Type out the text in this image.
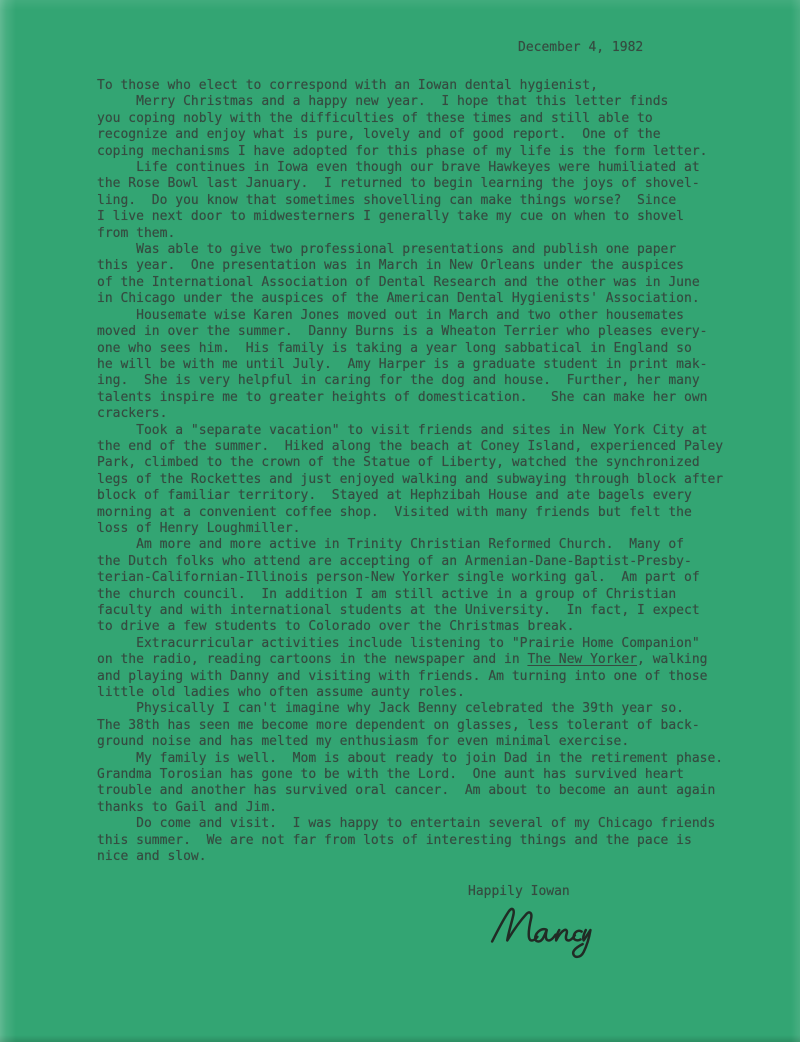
December 4, 1982
To those who elect to correspond with an Iowan dental hygienist,
Merry Christmas and a happy new year.  I hope that this letter finds
you coping nobly with the difficulties of these times and still able to
recognize and enjoy what is pure, lovely and of good report.  One of the
coping mechanisms I have adopted for this phase of my life is the form letter.
Life continues in Iowa even though our brave Hawkeyes were humiliated at
the Rose Bowl last January.  I returned to begin learning the joys of shovel-
ling.  Do you know that sometimes shovelling can make things worse?  Since
I live next door to midwesterners I generally take my cue on when to shovel
from them.
Was able to give two professional presentations and publish one paper
this year.  One presentation was in March in New Orleans under the auspices
of the International Association of Dental Research and the other was in June
in Chicago under the auspices of the American Dental Hygienists' Association.
Housemate wise Karen Jones moved out in March and two other housemates
moved in over the summer.  Danny Burns is a Wheaton Terrier who pleases every-
one who sees him.  His family is taking a year long sabbatical in England so
he will be with me until July.  Amy Harper is a graduate student in print mak-
ing.  She is very helpful in caring for the dog and house.  Further, her many
talents inspire me to greater heights of domestication.   She can make her own
crackers.
Took a "separate vacation" to visit friends and sites in New York City at
the end of the summer.  Hiked along the beach at Coney Island, experienced Paley
Park, climbed to the crown of the Statue of Liberty, watched the synchronized
legs of the Rockettes and just enjoyed walking and subwaying through block after
block of familiar territory.  Stayed at Hephzibah House and ate bagels every
morning at a convenient coffee shop.  Visited with many friends but felt the
loss of Henry Loughmiller.
Am more and more active in Trinity Christian Reformed Church.  Many of
the Dutch folks who attend are accepting of an Armenian-Dane-Baptist-Presby-
terian-Californian-Illinois person-New Yorker single working gal.  Am part of
the church council.  In addition I am still active in a group of Christian
faculty and with international students at the University.  In fact, I expect
to drive a few students to Colorado over the Christmas break.
Extracurricular activities include listening to "Prairie Home Companion"
on the radio, reading cartoons in the newspaper and in The New Yorker, walking
and playing with Danny and visiting with friends. Am turning into one of those
little old ladies who often assume aunty roles.
Physically I can't imagine why Jack Benny celebrated the 39th year so.
The 38th has seen me become more dependent on glasses, less tolerant of back-
ground noise and has melted my enthusiasm for even minimal exercise.
My family is well.  Mom is about ready to join Dad in the retirement phase.
Grandma Torosian has gone to be with the Lord.  One aunt has survived heart
trouble and another has survived oral cancer.  Am about to become an aunt again
thanks to Gail and Jim.
Do come and visit.  I was happy to entertain several of my Chicago friends
this summer.  We are not far from lots of interesting things and the pace is
nice and slow.
Happily Iowan
